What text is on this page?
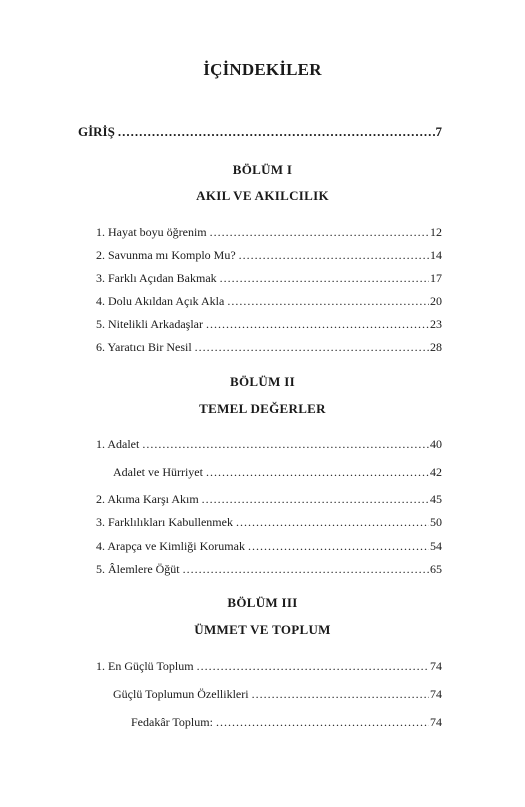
İÇİNDEKİLER
GİRİŞ .....	7
BÖLÜM I
AKIL VE AKILCILIK
1. Hayat boyu öğrenim .....	12
2. Savunma mı Komplo Mu? .....	14
3. Farklı Açıdan Bakmak .....	17
4. Dolu Akıldan Açık Akla .....	20
5. Nitelikli Arkadaşlar .....	23
6. Yaratıcı Bir Nesil .....	28
BÖLÜM II
TEMEL DEĞERLER
1. Adalet .....	40
Adalet ve Hürriyet .....	42
2. Akıma Karşı Akım .....	45
3. Farklılıkları Kabullenmek .....	50
4. Arapça ve Kimliği Korumak .....	54
5. Âlemlere Öğüt .....	65
BÖLÜM III
ÜMMET VE TOPLUM
1. En Güçlü Toplum .....	74
Güçlü Toplumun Özellikleri .....	74
Fedakâr Toplum: .....	74
